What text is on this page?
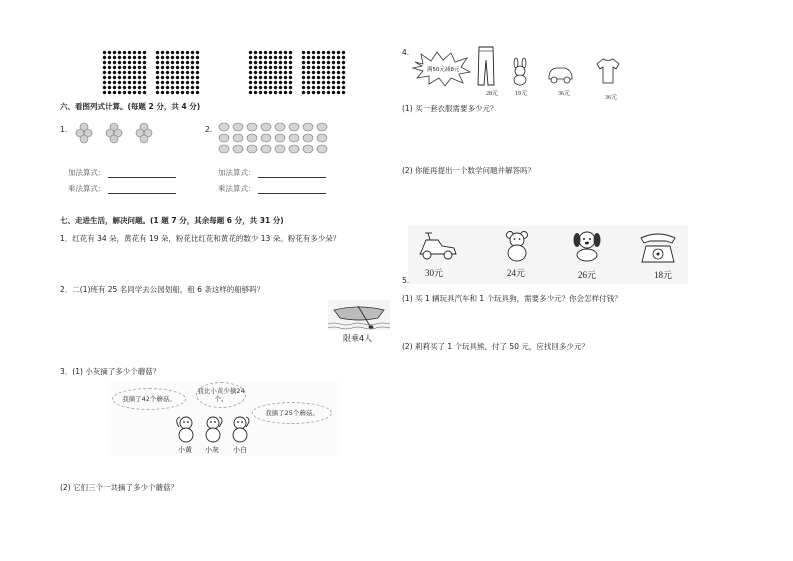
六、看图列式计算。(每题 2 分，共 4 分)
1.
加法算式：
乘法算式：
2.
加法算式：
乘法算式：
七、走进生活，解决问题。(1 题 7 分，其余每题 6 分，共 31 分)
1．红花有 34 朵，黄花有 19 朵，粉花比红花和黄花的数少 13 朵。粉花有多少朵？
2．二(1)班有 25 名同学去公园划船，租 6 条这样的船够吗？
限乘4人
3．(1) 小灰摘了多少个蘑菇？
我摘了42个蘑菇。
我比小黄少摘24个。
我摘了25个蘑菇。
小黄 小灰 小白
(2) 它们三个一共摘了多少个蘑菇？
4.
满50元减8元
28元	19元	36元
36元
(1) 买一套衣服需要多少元？
(2) 你能再提出一个数学问题并解答吗？
30元	24元	26元	18元
5.
(1) 买 1 辆玩具汽车和 1 个玩具狗，需要多少元？你会怎样付钱？
(2) 莉莉买了 1 个玩具熊，付了 50 元，应找回多少元？
